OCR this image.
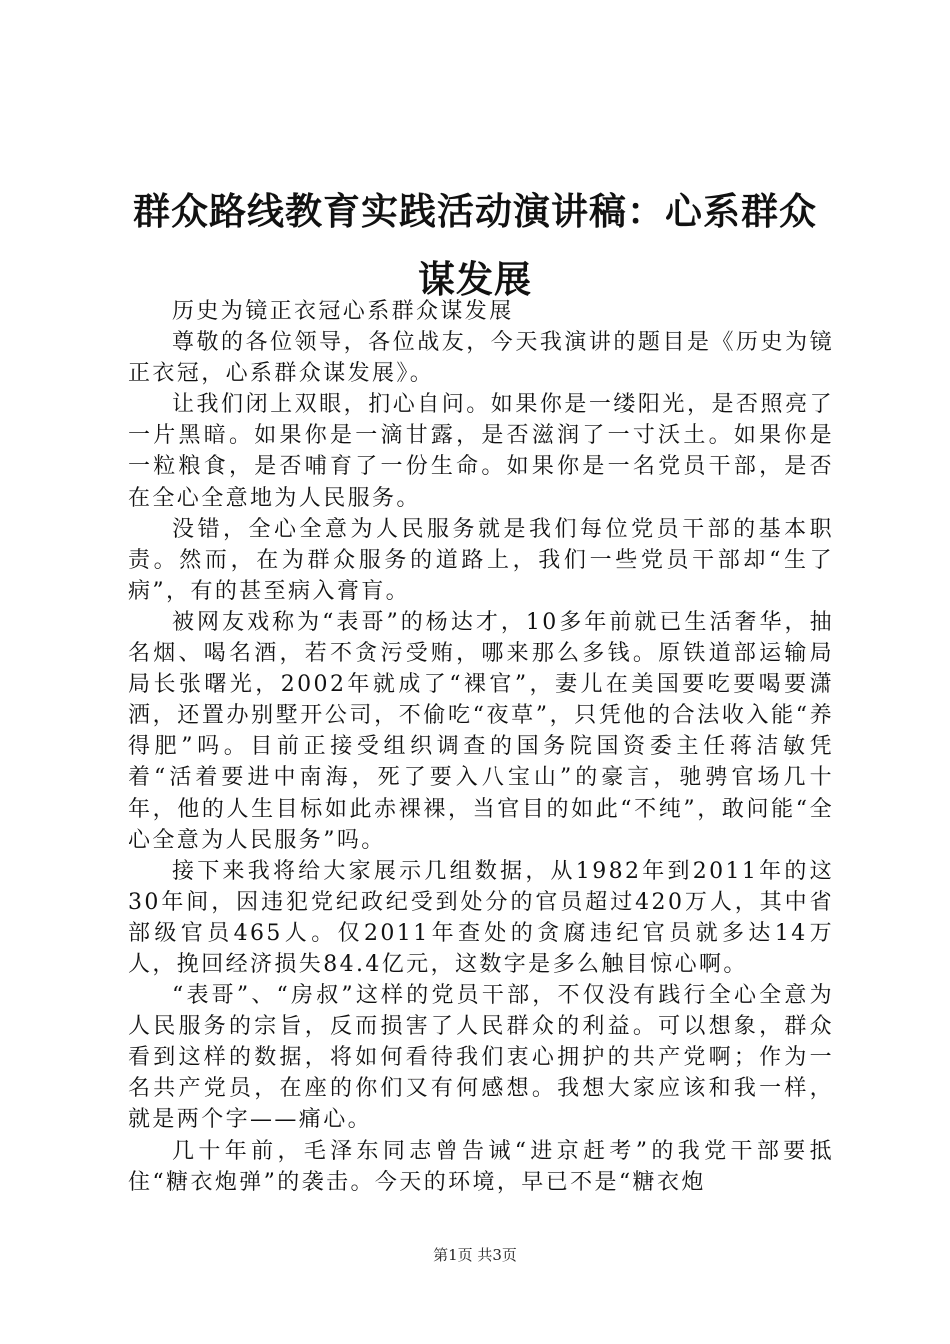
群众路线教育实践活动演讲稿：心系群众谋发展

历史为镜正衣冠心系群众谋发展

尊敬的各位领导，各位战友，今天我演讲的题目是《历史为镜正衣冠，心系群众谋发展》。

让我们闭上双眼，扪心自问。如果你是一缕阳光，是否照亮了一片黑暗。如果你是一滴甘露，是否滋润了一寸沃土。如果你是一粒粮食，是否哺育了一份生命。如果你是一名党员干部，是否在全心全意地为人民服务。

没错，全心全意为人民服务就是我们每位党员干部的基本职责。然而，在为群众服务的道路上，我们一些党员干部却“生了病”，有的甚至病入膏肓。

被网友戏称为“表哥”的杨达才，10多年前就已生活奢华，抽名烟、喝名酒，若不贪污受贿，哪来那么多钱。原铁道部运输局局长张曙光，2002年就成了“裸官”，妻儿在美国要吃要喝要潇洒，还置办别墅开公司，不偷吃“夜草”，只凭他的合法收入能“养得肥”吗。目前正接受组织调查的国务院国资委主任蒋洁敏凭着“活着要进中南海，死了要入八宝山”的豪言，驰骋官场几十年，他的人生目标如此赤裸裸，当官目的如此“不纯”，敢问能“全心全意为人民服务”吗。

接下来我将给大家展示几组数据，从1982年到2011年的这30年间，因违犯党纪政纪受到处分的官员超过420万人，其中省部级官员465人。仅2011年查处的贪腐违纪官员就多达14万人，挽回经济损失84.4亿元，这数字是多么触目惊心啊。

“表哥”、“房叔”这样的党员干部，不仅没有践行全心全意为人民服务的宗旨，反而损害了人民群众的利益。可以想象，群众看到这样的数据，将如何看待我们衷心拥护的共产党啊；作为一名共产党员，在座的你们又有何感想。我想大家应该和我一样，就是两个字——痛心。

几十年前，毛泽东同志曾告诫“进京赶考”的我党干部要抵住“糖衣炮弹”的袭击。今天的环境，早已不是“糖衣炮

第1页 共3页
